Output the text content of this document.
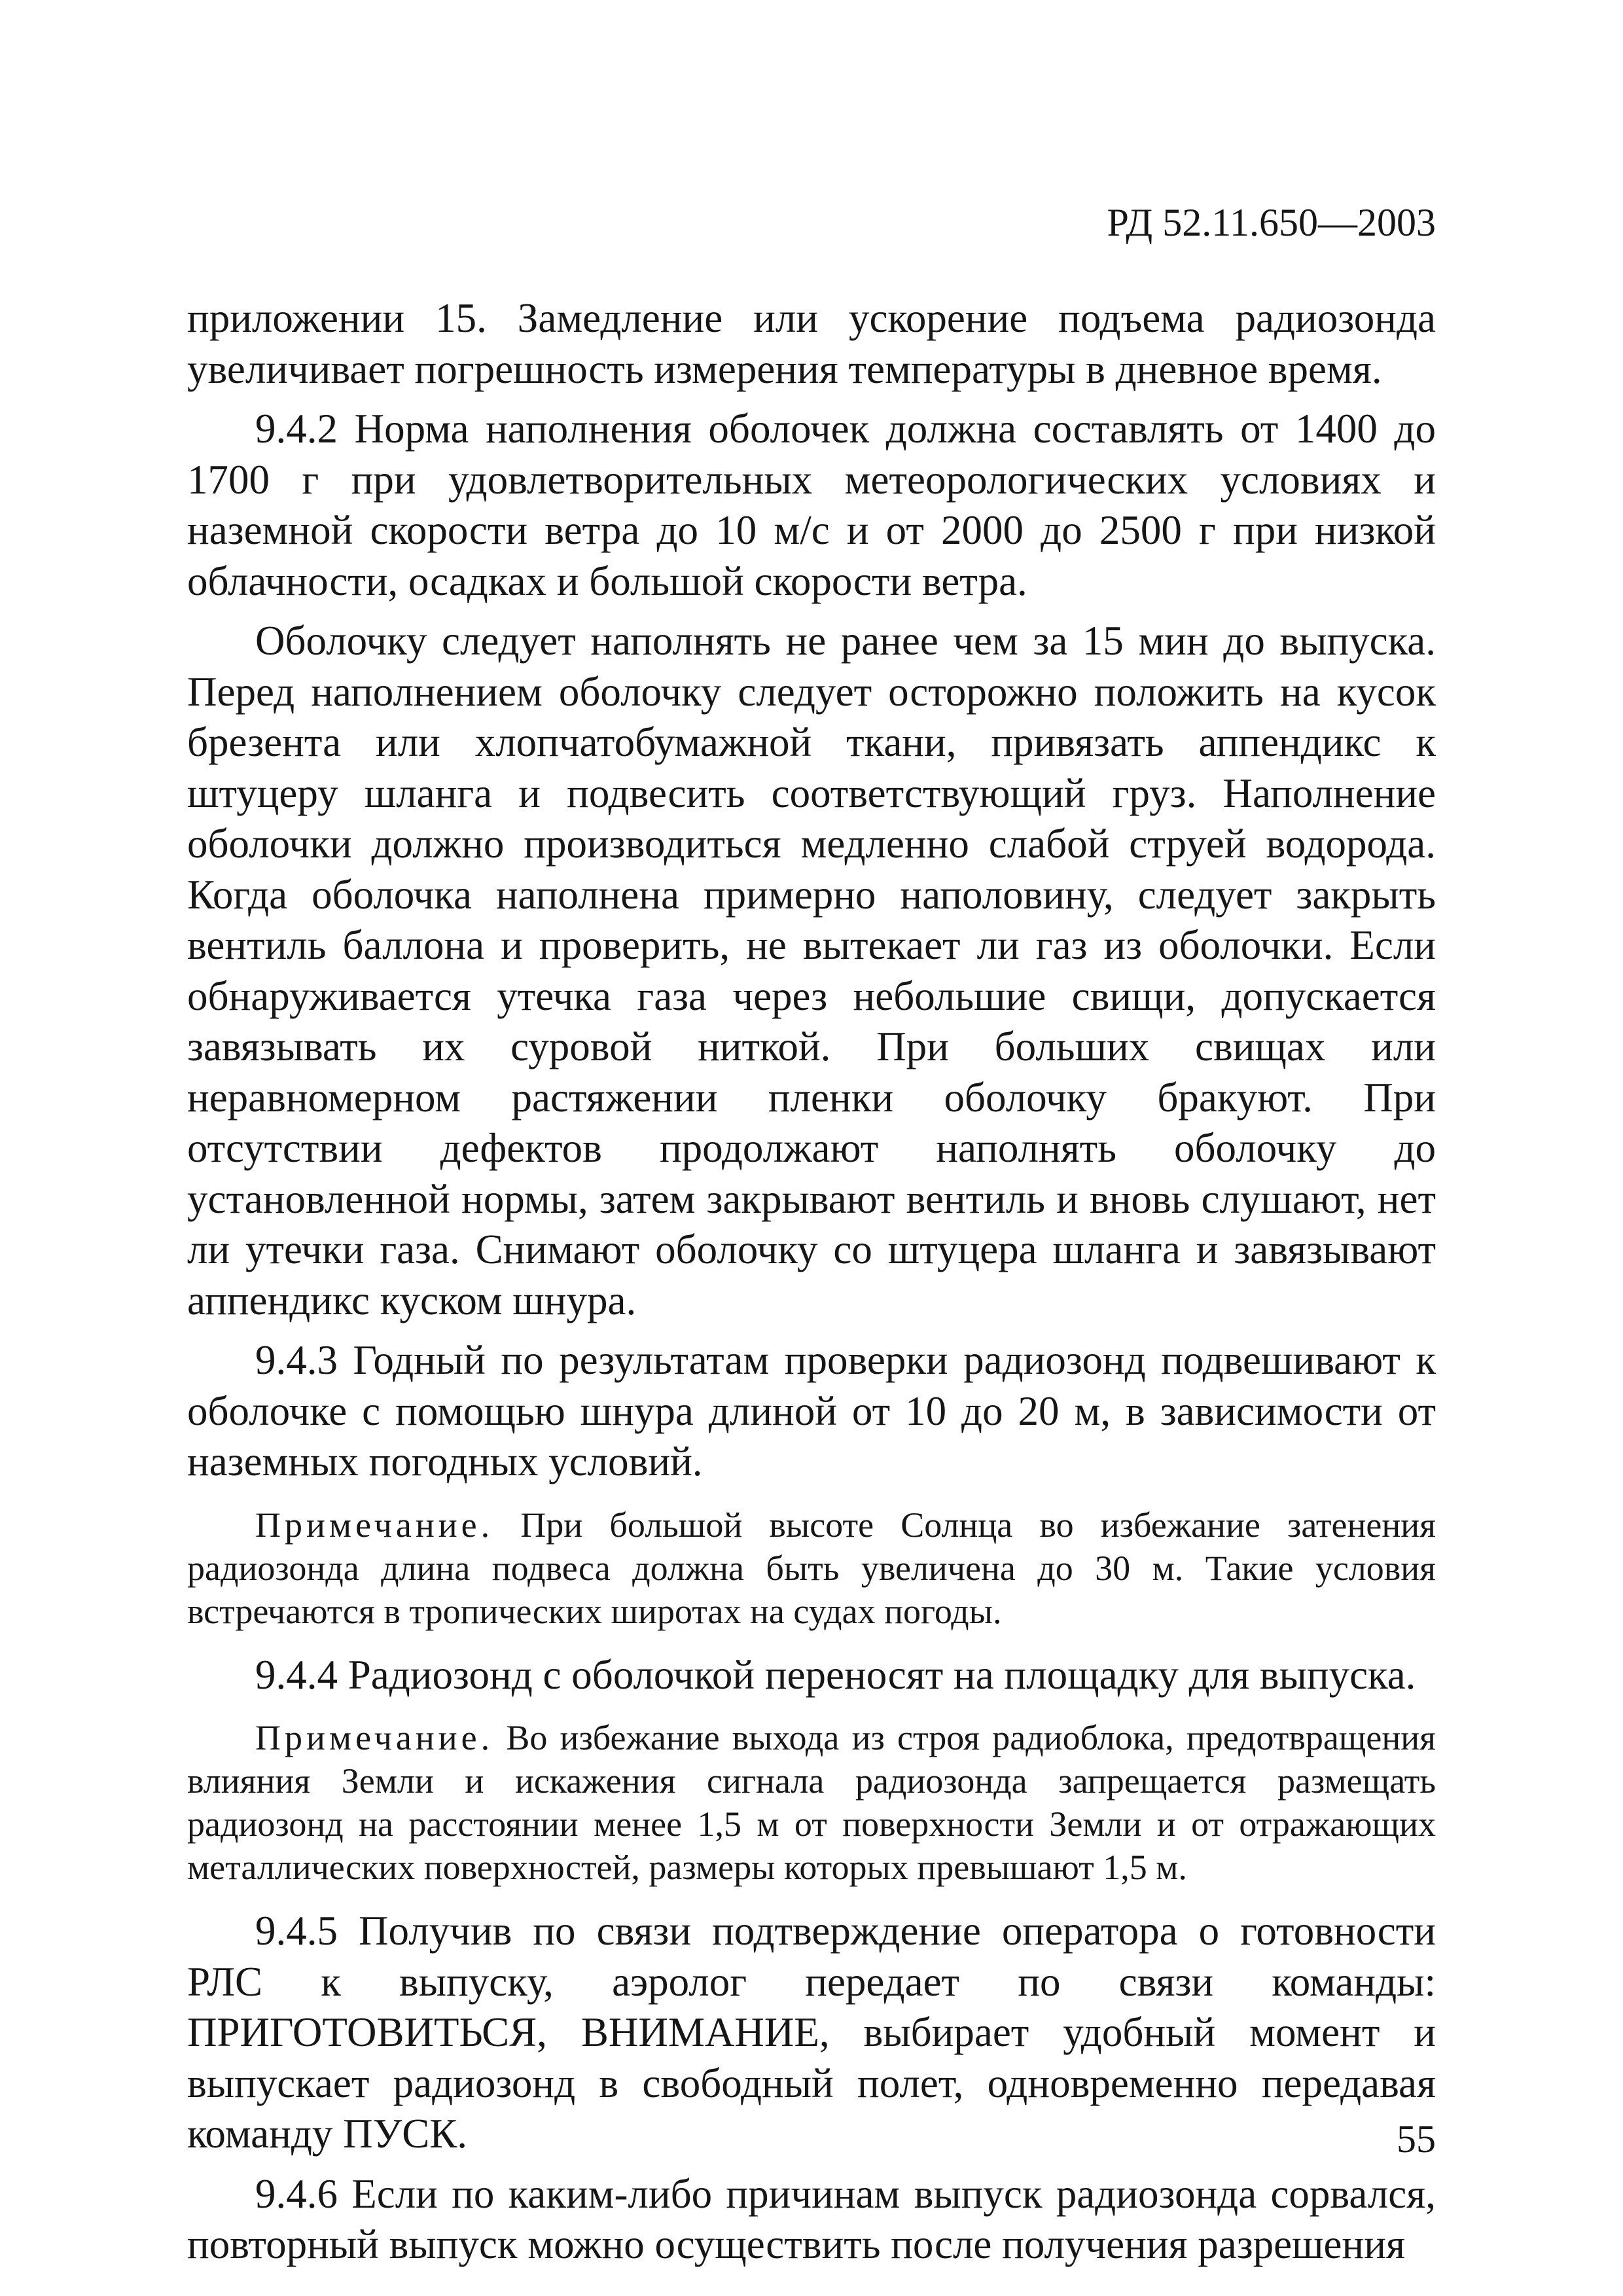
РД 52.11.650—2003

приложении 15. Замедление или ускорение подъема радиозонда увеличивает погрешность измерения температуры в дневное время.

9.4.2 Норма наполнения оболочек должна составлять от 1400 до 1700 г при удовлетворительных метеорологических условиях и наземной скорости ветра до 10 м/с и от 2000 до 2500 г при низкой облачности, осадках и большой скорости ветра.

Оболочку следует наполнять не ранее чем за 15 мин до выпуска. Перед наполнением оболочку следует осторожно положить на кусок брезента или хлопчатобумажной ткани, привязать аппендикс к штуцеру шланга и подвесить соответствующий груз. Наполнение оболочки должно производиться медленно слабой струей водорода. Когда оболочка наполнена примерно наполовину, следует закрыть вентиль баллона и проверить, не вытекает ли газ из оболочки. Если обнаруживается утечка газа через небольшие свищи, допускается завязывать их суровой ниткой. При больших свищах или неравномерном растяжении пленки оболочку бракуют. При отсутствии дефектов продолжают наполнять оболочку до установленной нормы, затем закрывают вентиль и вновь слушают, нет ли утечки газа. Снимают оболочку со штуцера шланга и завязывают аппендикс куском шнура.

9.4.3 Годный по результатам проверки радиозонд подвешивают к оболочке с помощью шнура длиной от 10 до 20 м, в зависимости от наземных погодных условий.

Примечание. При большой высоте Солнца во избежание затенения радиозонда длина подвеса должна быть увеличена до 30 м. Такие условия встречаются в тропических широтах на судах погоды.

9.4.4 Радиозонд с оболочкой переносят на площадку для выпуска.

Примечание. Во избежание выхода из строя радиоблока, предотвращения влияния Земли и искажения сигнала радиозонда запрещается размещать радиозонд на расстоянии менее 1,5 м от поверхности Земли и от отражающих металлических поверхностей, размеры которых превышают 1,5 м.

9.4.5 Получив по связи подтверждение оператора о готовности РЛС к выпуску, аэролог передает по связи команды: ПРИГОТОВИТЬСЯ, ВНИМАНИЕ, выбирает удобный момент и выпускает радиозонд в свободный полет, одновременно передавая команду ПУСК.

9.4.6 Если по каким-либо причинам выпуск радиозонда сорвался, повторный выпуск можно осуществить после получения разрешения

55
